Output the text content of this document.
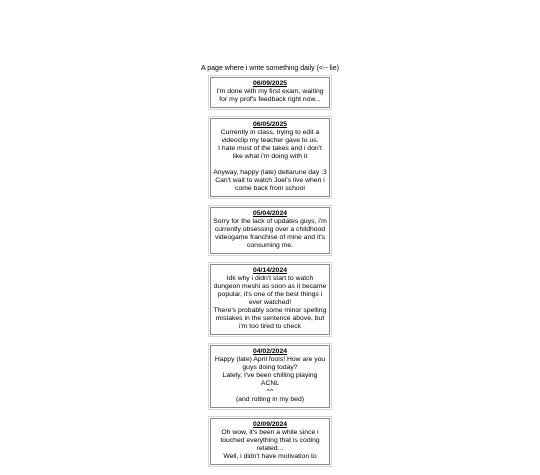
A page where i write something daily (<-- lie)
06/09/2025
I'm done with my first exam, waiting for my prof's feedback right now...
06/05/2025
Currently in class, trying to edit a videoclip my teacher gave to us.
I hate most of the takes and i don't like what i'm doing with it

Anyway, happy (late) deltarune day :3
Can't wait to watch Joel's live when i come back from school
05/04/2024
Sorry for the lack of updates guys, i'm currently obsessing over a childhood videogame franchise of mine and it's consuming me.
04/14/2024
Idk why i didn't start to watch dungeon meshi as soon as it became popular, it's one of the best things i ever watched!
There's probably some minor spelling mistakes in the sentence above, but i'm too tired to check
04/02/2024
Happy (late) April fools! How are you guys doing today?
Lately, I've been chilling playing ACNL
^^
(and rotting in my bed)
02/09/2024
Oh wow, it's been a while since i touched everything that is coding related...
Well, i didn't have motivation to
